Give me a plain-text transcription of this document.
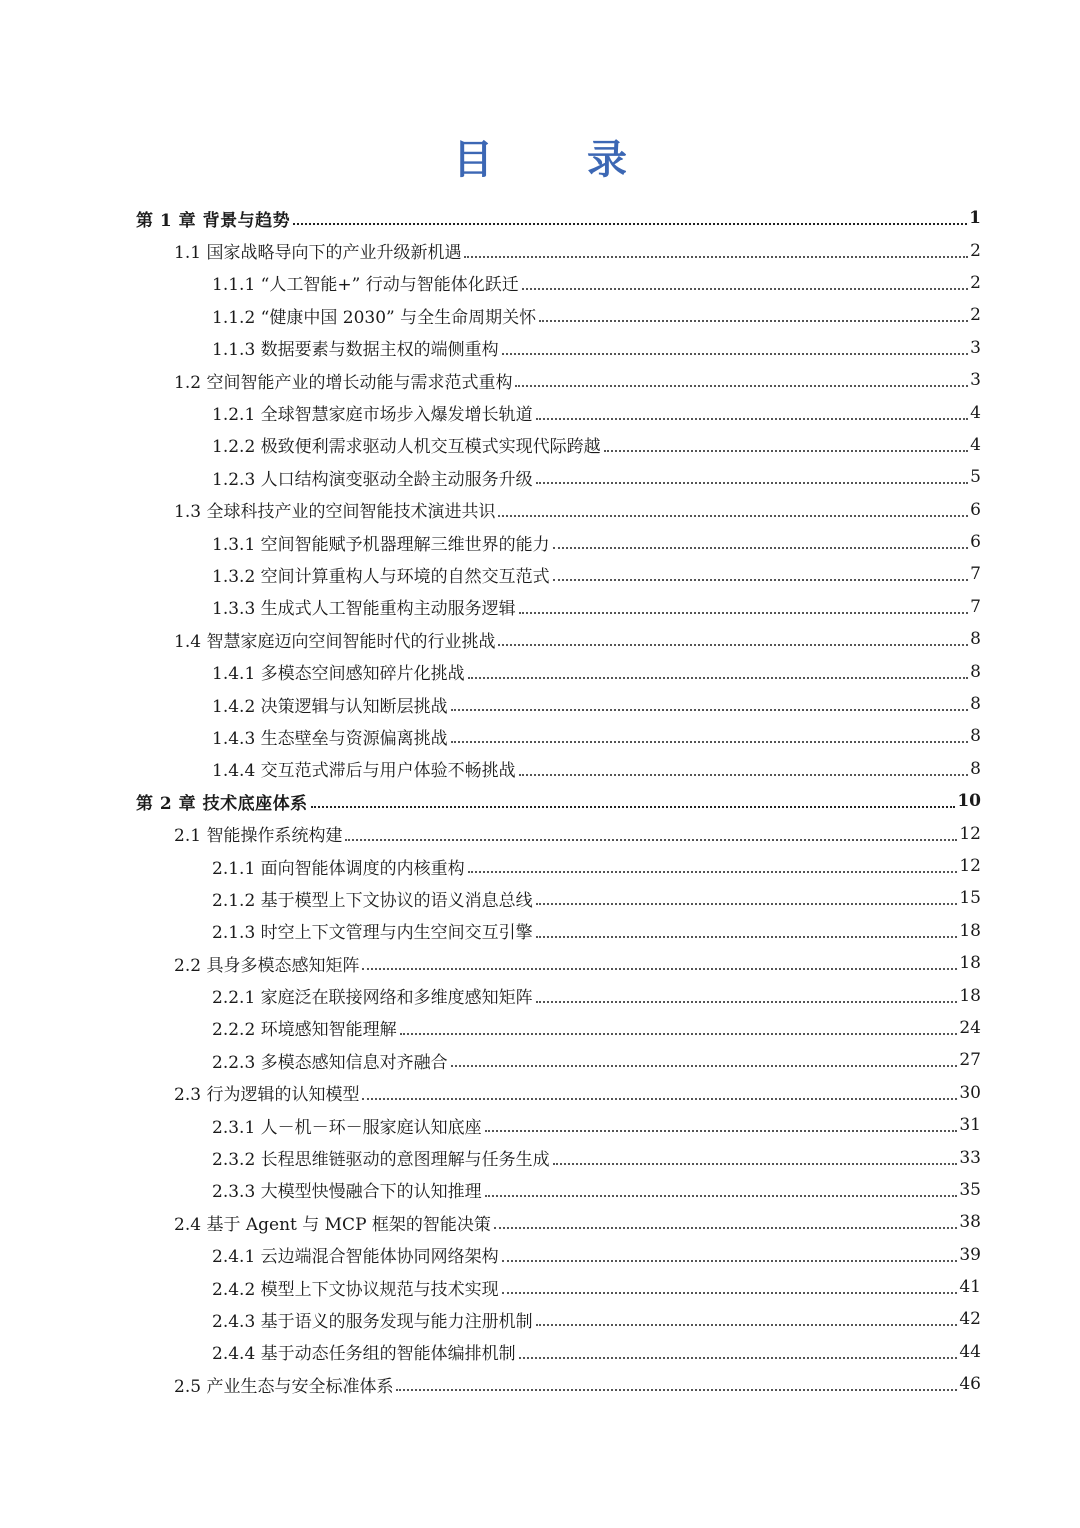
目 录
第 1 章 背景与趋势	1
1.1 国家战略导向下的产业升级新机遇	2
1.1.1 “人工智能+” 行动与智能体化跃迁	2
1.1.2 “健康中国 2030” 与全生命周期关怀	2
1.1.3 数据要素与数据主权的端侧重构	3
1.2 空间智能产业的增长动能与需求范式重构	3
1.2.1 全球智慧家庭市场步入爆发增长轨道	4
1.2.2 极致便利需求驱动人机交互模式实现代际跨越	4
1.2.3 人口结构演变驱动全龄主动服务升级	5
1.3 全球科技产业的空间智能技术演进共识	6
1.3.1 空间智能赋予机器理解三维世界的能力	6
1.3.2 空间计算重构人与环境的自然交互范式	7
1.3.3 生成式人工智能重构主动服务逻辑	7
1.4 智慧家庭迈向空间智能时代的行业挑战	8
1.4.1 多模态空间感知碎片化挑战	8
1.4.2 决策逻辑与认知断层挑战	8
1.4.3 生态壁垒与资源偏离挑战	8
1.4.4 交互范式滞后与用户体验不畅挑战	8
第 2 章 技术底座体系	10
2.1 智能操作系统构建	12
2.1.1 面向智能体调度的内核重构	12
2.1.2 基于模型上下文协议的语义消息总线	15
2.1.3 时空上下文管理与内生空间交互引擎	18
2.2 具身多模态感知矩阵	18
2.2.1 家庭泛在联接网络和多维度感知矩阵	18
2.2.2 环境感知智能理解	24
2.2.3 多模态感知信息对齐融合	27
2.3 行为逻辑的认知模型	30
2.3.1 人－机－环－服家庭认知底座	31
2.3.2 长程思维链驱动的意图理解与任务生成	33
2.3.3 大模型快慢融合下的认知推理	35
2.4 基于 Agent 与 MCP 框架的智能决策	38
2.4.1 云边端混合智能体协同网络架构	39
2.4.2 模型上下文协议规范与技术实现	41
2.4.3 基于语义的服务发现与能力注册机制	42
2.4.4 基于动态任务组的智能体编排机制	44
2.5 产业生态与安全标准体系	46
